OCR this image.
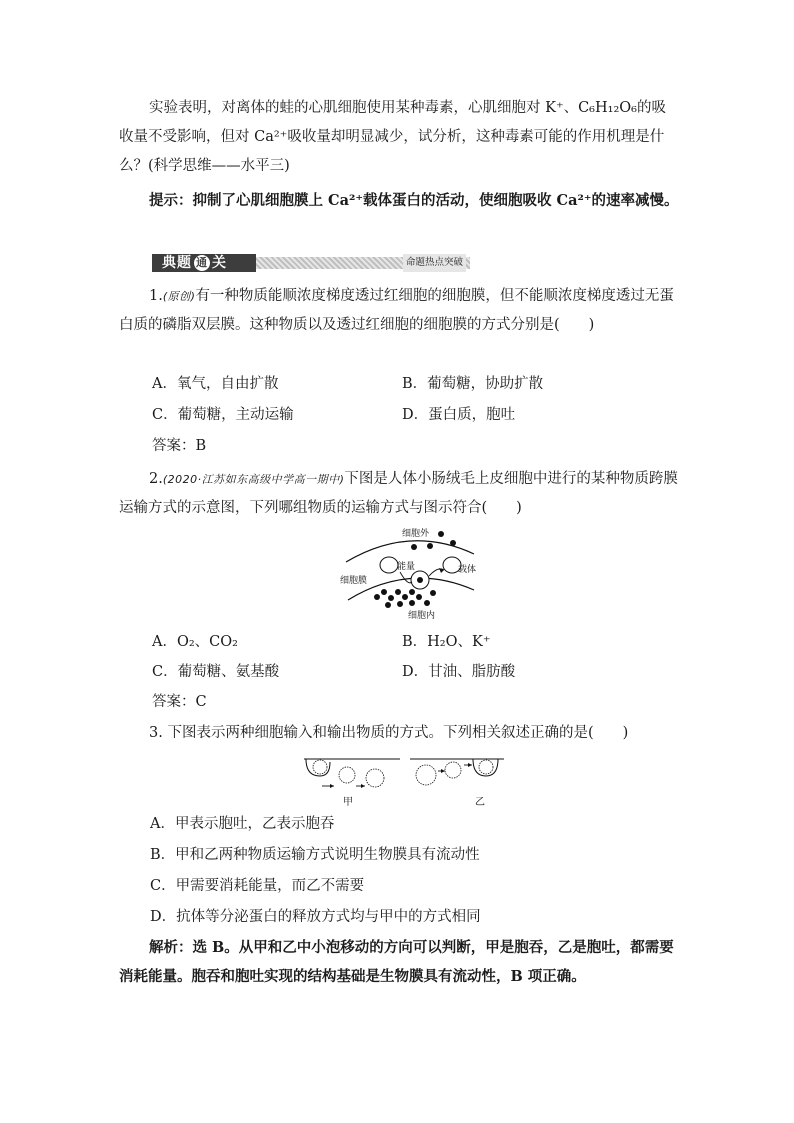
实验表明，对离体的蛙的心肌细胞使用某种毒素，心肌细胞对 K⁺、C₆H₁₂O₆的吸收量不受影响，但对 Ca²⁺吸收量却明显减少，试分析，这种毒素可能的作用机理是什么？(科学思维——水平三)
提示：抑制了心肌细胞膜上 Ca²⁺载体蛋白的活动，使细胞吸收 Ca²⁺的速率减慢。
典题 通 关	命题热点突破
1.(原创)有一种物质能顺浓度梯度透过红细胞的细胞膜，但不能顺浓度梯度透过无蛋白质的磷脂双层膜。这种物质以及透过红细胞的细胞膜的方式分别是(　　)
A．氧气，自由扩散	B．葡萄糖，协助扩散
C．葡萄糖，主动运输	D．蛋白质，胞吐
答案：B
2.(2020·江苏如东高级中学高一期中)下图是人体小肠绒毛上皮细胞中进行的某种物质跨膜运输方式的示意图，下列哪组物质的运输方式与图示符合(　　)
细胞外
能量	载体
细胞膜
细胞内
A．O₂、CO₂	B．H₂O、K⁺
C．葡萄糖、氨基酸	D．甘油、脂肪酸
答案：C
3. 下图表示两种细胞输入和输出物质的方式。下列相关叙述正确的是(　　)
甲	乙
A．甲表示胞吐，乙表示胞吞
B．甲和乙两种物质运输方式说明生物膜具有流动性
C．甲需要消耗能量，而乙不需要
D．抗体等分泌蛋白的释放方式均与甲中的方式相同
解析：选 B。从甲和乙中小泡移动的方向可以判断，甲是胞吞，乙是胞吐，都需要消耗能量。胞吞和胞吐实现的结构基础是生物膜具有流动性，B 项正确。
